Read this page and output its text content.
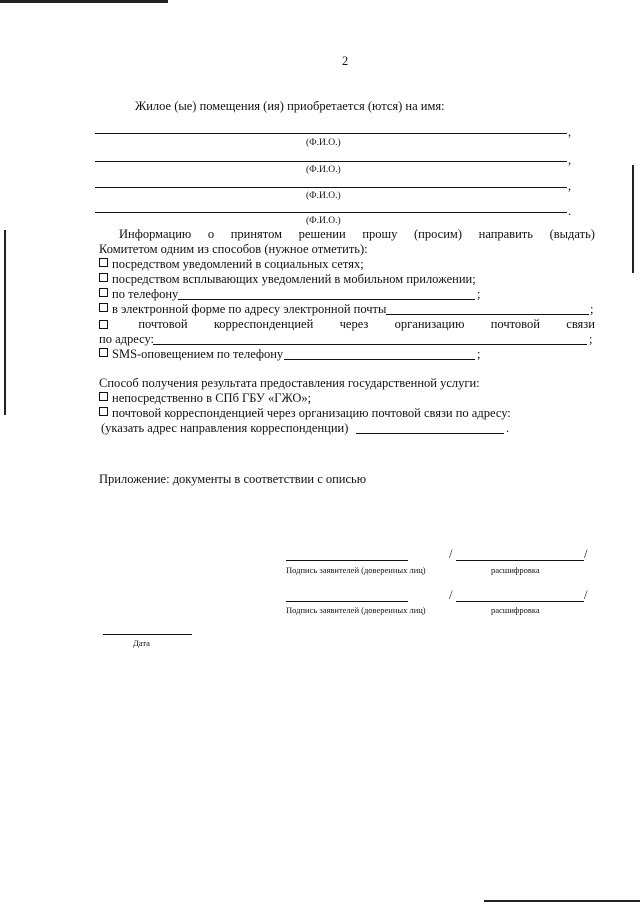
2
Жилое (ые) помещения (ия) приобретается (ются) на имя:
,
(Ф.И.О.)
,
(Ф.И.О.)
,
(Ф.И.О.)
.
(Ф.И.О.)
Информацию о принятом решении прошу (просим) направить (выдать)
Комитетом одним из способов (нужное отметить):
посредством уведомлений в социальных сетях;
посредством всплывающих уведомлений в мобильном приложении;
по телефону	;
в электронной форме по адресу электронной почты	;
почтовой корреспонденцией через организацию почтовой связи
по адресу:	;
SMS-оповещением по телефону	;
Способ получения результата предоставления государственной услуги:
непосредственно в СПб ГБУ «ГЖО»;
почтовой корреспонденцией через организацию почтовой связи по адресу:
(указать адрес направления корреспонденции)	.
Приложение: документы в соответствии с описью
/	/
Подпись заявителей (доверенных лиц)	расшифровка
/	/
Подпись заявителей (доверенных лиц)	расшифровка
Дата
